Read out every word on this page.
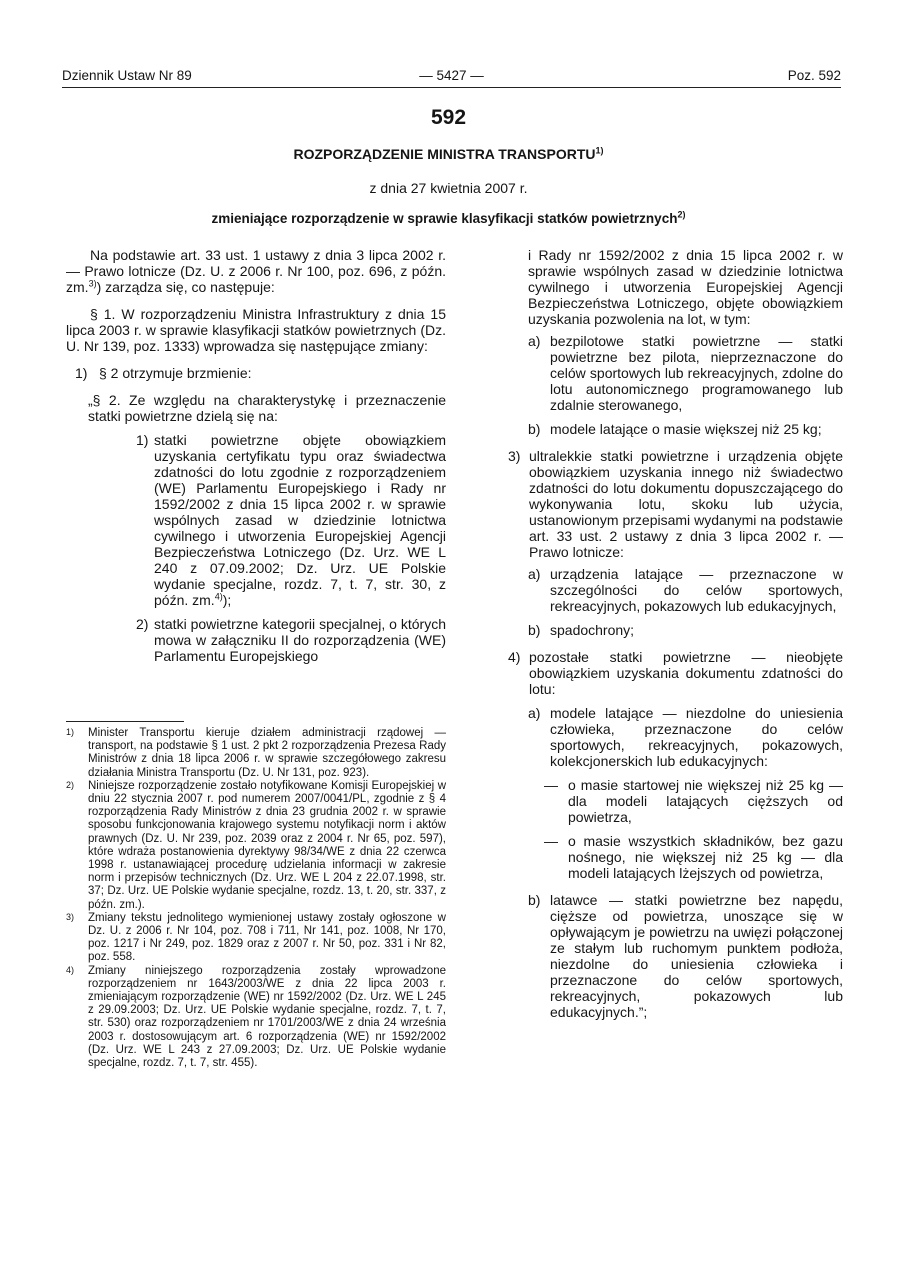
Dziennik Ustaw Nr 89	— 5427 —	Poz. 592
592
ROZPORZĄDZENIE MINISTRA TRANSPORTU$^{1)}$
z dnia 27 kwietnia 2007 r.
zmieniające rozporządzenie w sprawie klasyfikacji statków powietrznych$^{2)}$

Na podstawie art. 33 ust. 1 ustawy z dnia 3 lipca 2002 r. — Prawo lotnicze (Dz. U. z 2006 r. Nr 100, poz. 696, z późn. zm.$^{3)}$) zarządza się, co następuje:

§ 1. W rozporządzeniu Ministra Infrastruktury z dnia 15 lipca 2003 r. w sprawie klasyfikacji statków powietrznych (Dz. U. Nr 139, poz. 1333) wprowadza się następujące zmiany:

1) § 2 otrzymuje brzmienie:

„§ 2. Ze względu na charakterystykę i przeznaczenie statki powietrzne dzielą się na:

1) statki powietrzne objęte obowiązkiem uzyskania certyfikatu typu oraz świadectwa zdatności do lotu zgodnie z rozporządzeniem (WE) Parlamentu Europejskiego i Rady nr 1592/2002 z dnia 15 lipca 2002 r. w sprawie wspólnych zasad w dziedzinie lotnictwa cywilnego i utworzenia Europejskiej Agencji Bezpieczeństwa Lotniczego (Dz. Urz. WE L 240 z 07.09.2002; Dz. Urz. UE Polskie wydanie specjalne, rozdz. 7, t. 7, str. 30, z późn. zm.$^{4)}$);
2) statki powietrzne kategorii specjalnej, o których mowa w załączniku II do rozporządzenia (WE) Parlamentu Europejskiego
1)	Minister Transportu kieruje działem administracji rządowej — transport, na podstawie § 1 ust. 2 pkt 2 rozporządzenia Prezesa Rady Ministrów z dnia 18 lipca 2006 r. w sprawie szczegółowego zakresu działania Ministra Transportu (Dz. U. Nr 131, poz. 923).
2)	Niniejsze rozporządzenie zostało notyfikowane Komisji Europejskiej w dniu 22 stycznia 2007 r. pod numerem 2007/0041/PL, zgodnie z § 4 rozporządzenia Rady Ministrów z dnia 23 grudnia 2002 r. w sprawie sposobu funkcjonowania krajowego systemu notyfikacji norm i aktów prawnych (Dz. U. Nr 239, poz. 2039 oraz z 2004 r. Nr 65, poz. 597), które wdraża postanowienia dyrektywy 98/34/WE z dnia 22 czerwca 1998 r. ustanawiającej procedurę udzielania informacji w zakresie norm i przepisów technicznych (Dz. Urz. WE L 204 z 22.07.1998, str. 37; Dz. Urz. UE Polskie wydanie specjalne, rozdz. 13, t. 20, str. 337, z późn. zm.).
3)	Zmiany tekstu jednolitego wymienionej ustawy zostały ogłoszone w Dz. U. z 2006 r. Nr 104, poz. 708 i 711, Nr 141, poz. 1008, Nr 170, poz. 1217 i Nr 249, poz. 1829 oraz z 2007 r. Nr 50, poz. 331 i Nr 82, poz. 558.
4)	Zmiany niniejszego rozporządzenia zostały wprowadzone rozporządzeniem nr 1643/2003/WE z dnia 22 lipca 2003 r. zmieniającym rozporządzenie (WE) nr 1592/2002 (Dz. Urz. WE L 245 z 29.09.2003; Dz. Urz. UE Polskie wydanie specjalne, rozdz. 7, t. 7, str. 530) oraz rozporządzeniem nr 1701/2003/WE z dnia 24 września 2003 r. dostosowującym art. 6 rozporządzenia (WE) nr 1592/2002 (Dz. Urz. WE L 243 z 27.09.2003; Dz. Urz. UE Polskie wydanie specjalne, rozdz. 7, t. 7, str. 455).

i Rady nr 1592/2002 z dnia 15 lipca 2002 r. w sprawie wspólnych zasad w dziedzinie lotnictwa cywilnego i utworzenia Europejskiej Agencji Bezpieczeństwa Lotniczego, objęte obowiązkiem uzyskania pozwolenia na lot, w tym:

a) bezpilotowe statki powietrzne — statki powietrzne bez pilota, nieprzeznaczone do celów sportowych lub rekreacyjnych, zdolne do lotu autonomicznego programowanego lub zdalnie sterowanego,
b) modele latające o masie większej niż 25 kg;
3) ultralekkie statki powietrzne i urządzenia objęte obowiązkiem uzyskania innego niż świadectwo zdatności do lotu dokumentu dopuszczającego do wykonywania lotu, skoku lub użycia, ustanowionym przepisami wydanymi na podstawie art. 33 ust. 2 ustawy z dnia 3 lipca 2002 r. — Prawo lotnicze:
a) urządzenia latające — przeznaczone w szczególności do celów sportowych, rekreacyjnych, pokazowych lub edukacyjnych,
b) spadochrony;
4) pozostałe statki powietrzne — nieobjęte obowiązkiem uzyskania dokumentu zdatności do lotu:
a) modele latające — niezdolne do uniesienia człowieka, przeznaczone do celów sportowych, rekreacyjnych, pokazowych, kolekcjonerskich lub edukacyjnych:
— o masie startowej nie większej niż 25 kg — dla modeli latających cięższych od powietrza,
— o masie wszystkich składników, bez gazu nośnego, nie większej niż 25 kg — dla modeli latających lżejszych od powietrza,
b) latawce — statki powietrzne bez napędu, cięższe od powietrza, unoszące się w opływającym je powietrzu na uwięzi połączonej ze stałym lub ruchomym punktem podłoża, niezdolne do uniesienia człowieka i przeznaczone do celów sportowych, rekreacyjnych, pokazowych lub edukacyjnych.”;
